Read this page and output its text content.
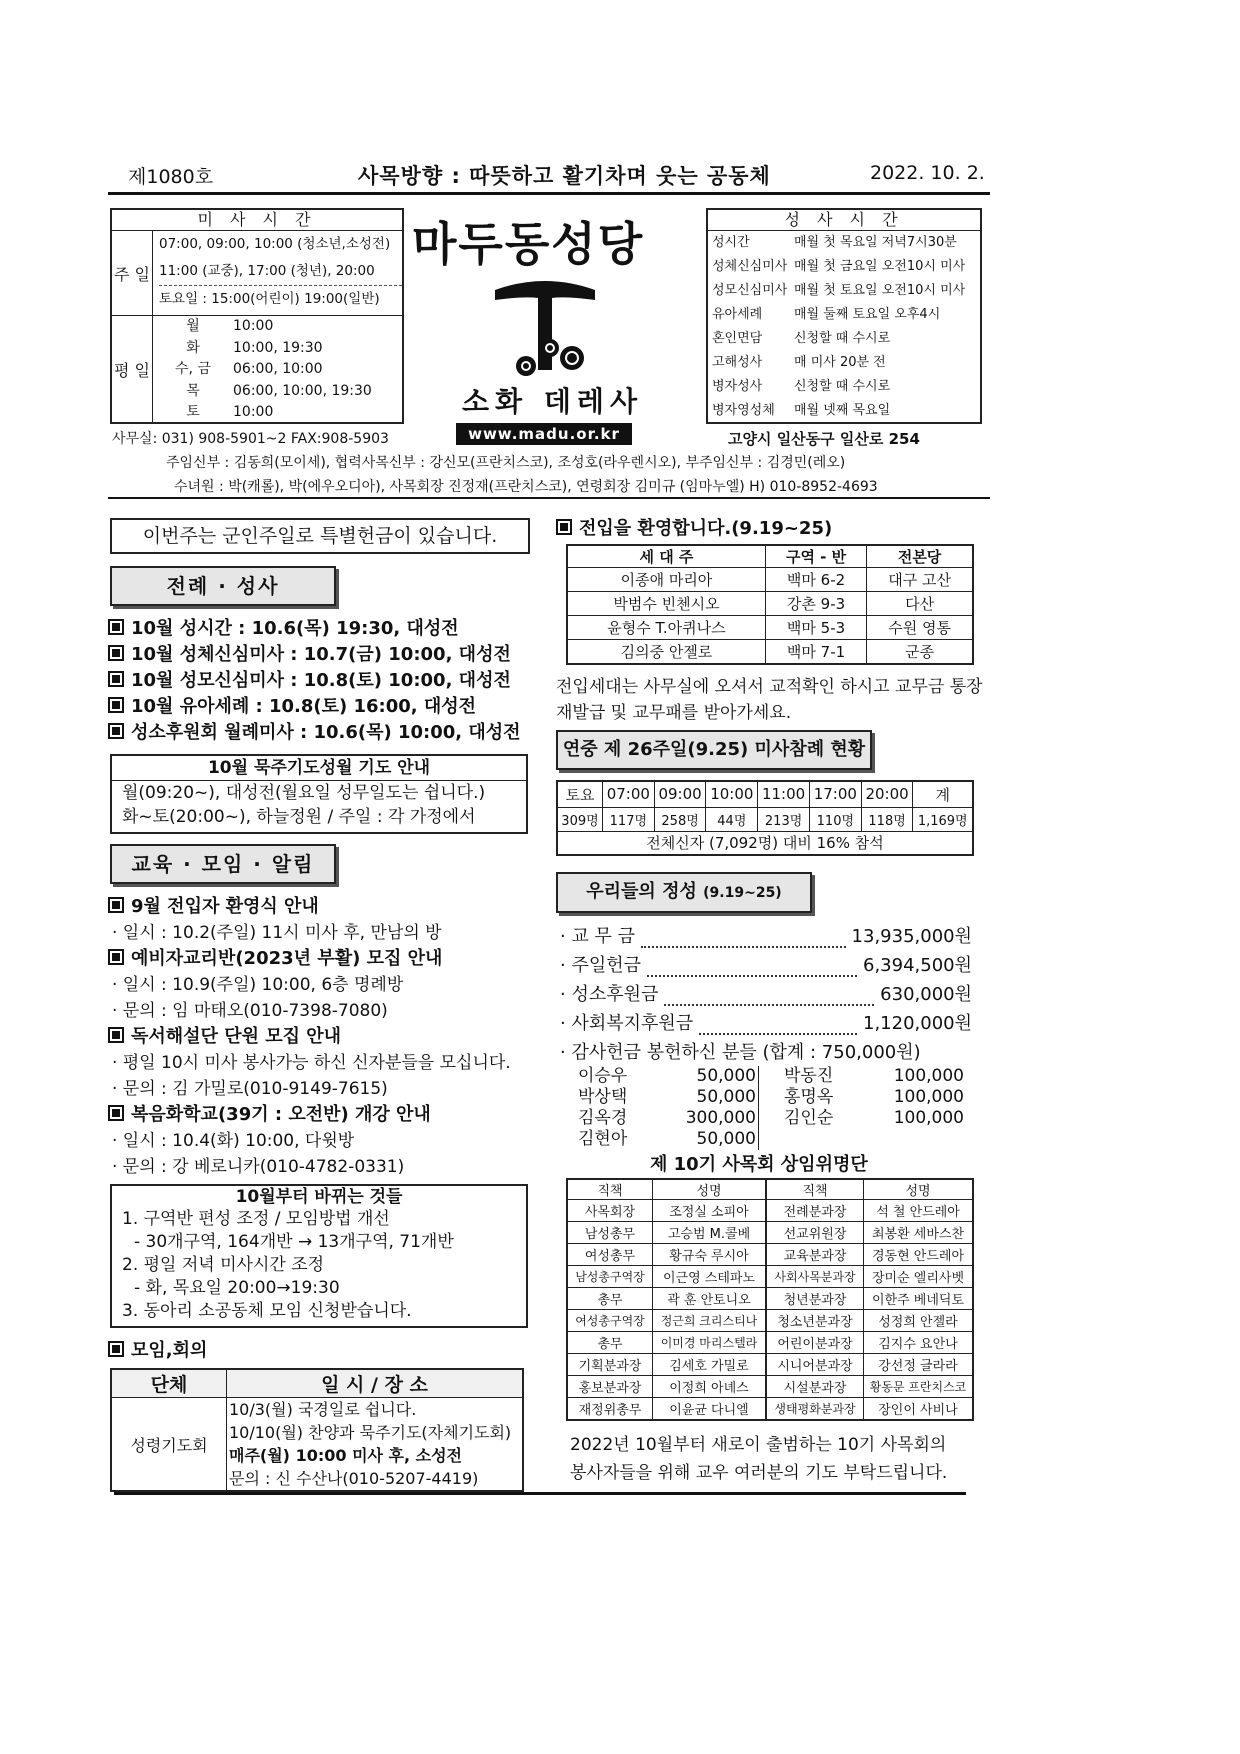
제1080호	사목방향 : 따뜻하고 활기차며 웃는 공동체	2022. 10. 2.
미 사 시 간
주 일
07:00, 09:00, 10:00 (청소년,소성전)
11:00 (교중), 17:00 (청년), 20:00
토요일 : 15:00(어린이) 19:00(일반)
평 일
월	10:00
화	10:00, 19:30
수, 금	06:00, 10:00
목	06:00, 10:00, 19:30
토	10:00
마두동성당
소화 데레사
www.madu.or.kr
성 사 시 간
성시간	매월 첫 목요일 저녁7시30분
성체신심미사 매월 첫 금요일 오전10시 미사
성모신심미사 매월 첫 토요일 오전10시 미사
유아세례	매월 둘째 토요일 오후4시
혼인면담	신청할 때 수시로
고해성사	매 미사 20분 전
병자성사	신청할 때 수시로
병자영성체	매월 넷째 목요일
사무실: 031) 908-5901~2 FAX:908-5903	고양시 일산동구 일산로 254
주임신부 : 김동희(모이세), 협력사목신부 : 강신모(프란치스코), 조성호(라우렌시오), 부주임신부 : 김경민(레오)
수녀원 : 박(캐롤), 박(에우오디아), 사목회장 진정재(프란치스코), 연령회장 김미규 (임마누엘) H) 010-8952-4693
이번주는 군인주일로 특별헌금이 있습니다.
전례 · 성사
10월 성시간 : 10.6(목) 19:30, 대성전
10월 성체신심미사 : 10.7(금) 10:00, 대성전
10월 성모신심미사 : 10.8(토) 10:00, 대성전
10월 유아세례 : 10.8(토) 16:00, 대성전
성소후원회 월례미사 : 10.6(목) 10:00, 대성전
10월 묵주기도성월 기도 안내
월(09:20~), 대성전(월요일 성무일도는 쉽니다.)
화~토(20:00~), 하늘정원 / 주일 : 각 가정에서
교육 · 모임 · 알림
9월 전입자 환영식 안내
· 일시 : 10.2(주일) 11시 미사 후, 만남의 방
예비자교리반(2023년 부활) 모집 안내
· 일시 : 10.9(주일) 10:00, 6층 명례방
· 문의 : 임 마태오(010-7398-7080)
독서해설단 단원 모집 안내
· 평일 10시 미사 봉사가능 하신 신자분들을 모십니다.
· 문의 : 김 가밀로(010-9149-7615)
복음화학교(39기 : 오전반) 개강 안내
· 일시 : 10.4(화) 10:00, 다윗방
· 문의 : 강 베로니카(010-4782-0331)
10월부터 바뀌는 것들
1. 구역반 편성 조정 / 모임방법 개선
- 30개구역, 164개반 → 13개구역, 71개반
2. 평일 저녁 미사시간 조정
- 화, 목요일 20:00→19:30
3. 동아리 소공동체 모임 신청받습니다.
모임,회의
단체	일 시 / 장 소
성령기도회	10/3(월) 국경일로 쉽니다.
10/10(월) 찬양과 묵주기도(자체기도회)
매주(월) 10:00 미사 후, 소성전
문의 : 신 수산나(010-5207-4419)
전입을 환영합니다.(9.19~25)
세 대 주	구역 - 반	전본당
이종애 마리아	백마 6-2	대구 고산
박범수 빈첸시오	강촌 9-3	다산
윤형수 T.아퀴나스	백마 5-3	수원 영통
김의중 안젤로	백마 7-1	군종
전입세대는 사무실에 오셔서 교적확인 하시고 교무금 통장
재발급 및 교무패를 받아가세요.
연중 제 26주일(9.25) 미사참례 현황
토요	07:00	09:00	10:00	11:00	17:00	20:00	계
309명	117명	258명	44명	213명	110명	118명	1,169명
전체신자 (7,092명) 대비 16% 참석							
우리들의 정성 (9.19~25)
· 교 무 금	13,935,000원
· 주일헌금	6,394,500원
· 성소후원금	630,000원
· 사회복지후원금	1,120,000원
· 감사헌금 봉헌하신 분들 (합계 : 750,000원)
이승우	50,000
박상택	50,000
김옥경	300,000
김현아	50,000
박동진	100,000
홍명옥	100,000
김인순	100,000
제 10기 사목회 상임위명단
직책	성명	직책	성명
사목회장	조정실 소피아	전례분과장	석 철 안드레아
남성총무	고승범 M.콜베	선교위원장	최봉환 세바스찬
여성총무	황규숙 루시아	교육분과장	경동현 안드레아
남성총구역장	이근영 스테파노	사회사목분과장	장미순 엘리사벳
총무	곽 훈 안토니오	청년분과장	이한주 베네딕토
여성총구역장	정근희 크리스티나	청소년분과장	성정희 안젤라
총무	이미경 마리스텔라	어린이분과장	김지수 요안나
기획분과장	김세호 가밀로	시니어분과장	강선정 글라라
홍보분과장	이정희 아녜스	시설분과장	황동문 프란치스코
재정위총무	이윤균 다니엘	생태평화분과장	장인이 사비나
2022년 10월부터 새로이 출범하는 10기 사목회의
봉사자들을 위해 교우 여러분의 기도 부탁드립니다.
